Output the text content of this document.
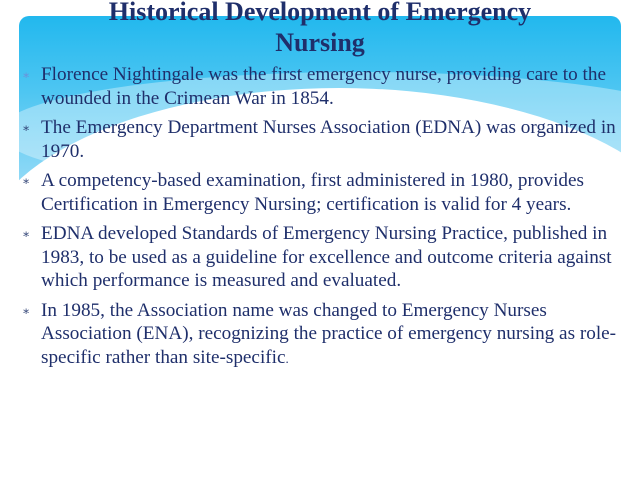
Historical Development of Emergency
Nursing
∗ Florence Nightingale was the first emergency nurse, providing care to the wounded in the Crimean War in 1854.
∗ The Emergency Department Nurses Association (EDNA) was organized in 1970.
∗ A competency-based examination, first administered in 1980, provides Certification in Emergency Nursing; certification is valid for 4 years.
∗ EDNA developed Standards of Emergency Nursing Practice, published in 1983, to be used as a guideline for excellence and outcome criteria against which performance is measured and evaluated.
∗ In 1985, the Association name was changed to Emergency Nurses Association (ENA), recognizing the practice of emergency nursing as role-specific rather than site-specific.
